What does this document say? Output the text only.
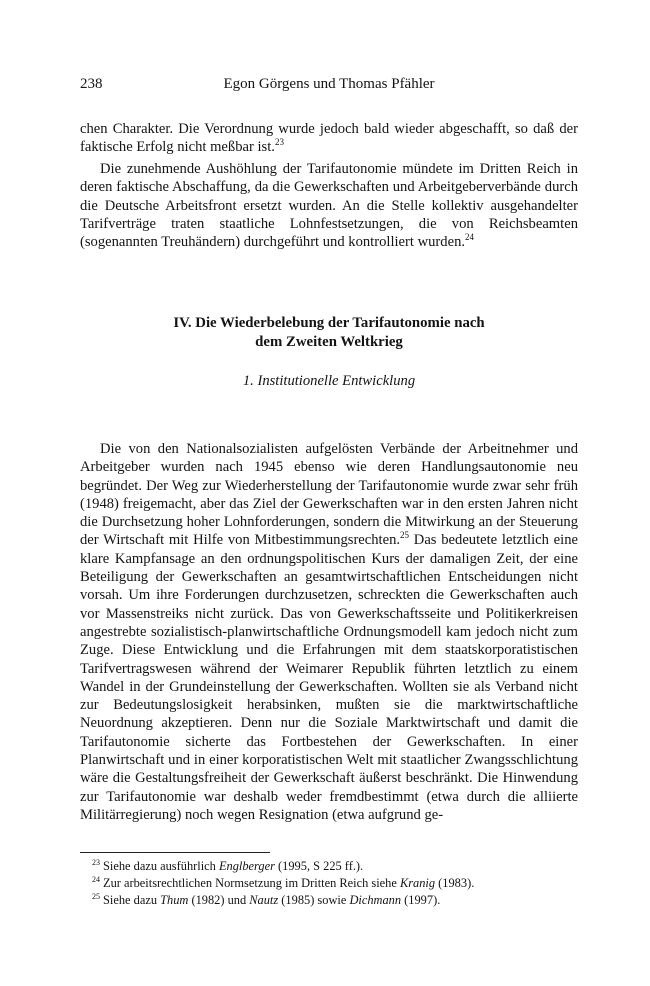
238	Egon Görgens und Thomas Pfähler

chen Charakter. Die Verordnung wurde jedoch bald wieder abgeschafft, so daß der faktische Erfolg nicht meßbar ist.$^{23}$

Die zunehmende Aushöhlung der Tarifautonomie mündete im Dritten Reich in deren faktische Abschaffung, da die Gewerkschaften und Arbeitgeberverbände durch die Deutsche Arbeitsfront ersetzt wurden. An die Stelle kollektiv ausgehandelter Tarifverträge traten staatliche Lohnfestsetzungen, die von Reichsbeamten (sogenannten Treuhändern) durchgeführt und kontrolliert wurden.$^{24}$

IV. Die Wiederbelebung der Tarifautonomie nach
dem Zweiten Weltkrieg
1. Institutionelle Entwicklung

Die von den Nationalsozialisten aufgelösten Verbände der Arbeitnehmer und Arbeitgeber wurden nach 1945 ebenso wie deren Handlungsautonomie neu begründet. Der Weg zur Wiederherstellung der Tarifautonomie wurde zwar sehr früh (1948) freigemacht, aber das Ziel der Gewerkschaften war in den ersten Jahren nicht die Durchsetzung hoher Lohnforderungen, sondern die Mitwirkung an der Steuerung der Wirtschaft mit Hilfe von Mitbestimmungsrechten.$^{25}$ Das bedeutete letztlich eine klare Kampfansage an den ordnungspolitischen Kurs der damaligen Zeit, der eine Beteiligung der Gewerkschaften an gesamtwirtschaftlichen Entscheidungen nicht vorsah. Um ihre Forderungen durchzusetzen, schreckten die Gewerkschaften auch vor Massenstreiks nicht zurück. Das von Gewerkschaftsseite und Politikerkreisen angestrebte sozialistisch-planwirtschaftliche Ordnungsmodell kam jedoch nicht zum Zuge. Diese Entwicklung und die Erfahrungen mit dem staatskorporatistischen Tarifvertragswesen während der Weimarer Republik führten letztlich zu einem Wandel in der Grundeinstellung der Gewerkschaften. Wollten sie als Verband nicht zur Bedeutungslosigkeit herabsinken, mußten sie die marktwirtschaftliche Neuordnung akzeptieren. Denn nur die Soziale Marktwirtschaft und damit die Tarifautonomie sicherte das Fortbestehen der Gewerkschaften. In einer Planwirtschaft und in einer korporatistischen Welt mit staatlicher Zwangsschlichtung wäre die Gestaltungsfreiheit der Gewerkschaft äußerst beschränkt. Die Hinwendung zur Tarifautonomie war deshalb weder fremdbestimmt (etwa durch die alliierte Militärregierung) noch wegen Resignation (etwa aufgrund ge-

$^{23}$ Siehe dazu ausführlich Englberger (1995, S 225 ff.).
$^{24}$ Zur arbeitsrechtlichen Normsetzung im Dritten Reich siehe Kranig (1983).
$^{25}$ Siehe dazu Thum (1982) und Nautz (1985) sowie Dichmann (1997).
